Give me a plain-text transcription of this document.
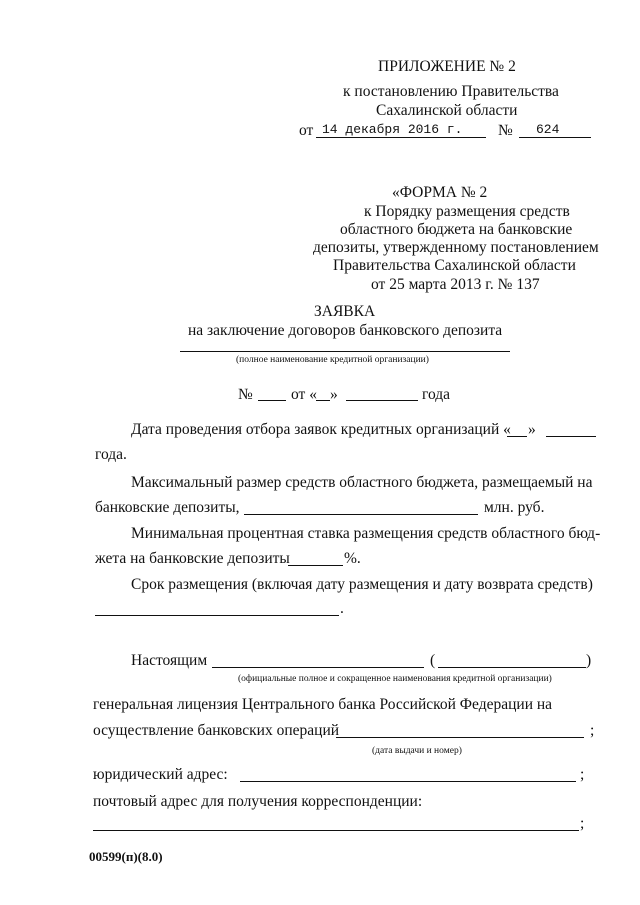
ПРИЛОЖЕНИЕ № 2
к постановлению Правительства
Сахалинской области
от 14 декабря 2016 г. № 624
«ФОРМА № 2
к Порядку размещения средств
областного бюджета на банковские
депозиты, утвержденному постановлением
Правительства Сахалинской области
от 25 марта 2013 г. № 137
ЗАЯВКА
на заключение договоров банковского депозита
(полное наименование кредитной организации)
№ от « »	года
Дата проведения отбора заявок кредитных организаций « »
года.
Максимальный размер средств областного бюджета, размещаемый на
банковские депозиты,	млн. руб.
Минимальная процентная ставка размещения средств областного бюд-
жета на банковские депозиты	%.
Срок размещения (включая дату размещения и дату возврата средств)
.
Настоящим	(	)
(официальные полное и сокращенное наименования кредитной организации)
генеральная лицензия Центрального банка Российской Федерации на
осуществление банковских операций	;
(дата выдачи и номер)
юридический адрес:	;
почтовый адрес для получения корреспонденции:
;
00599(п)(8.0)
